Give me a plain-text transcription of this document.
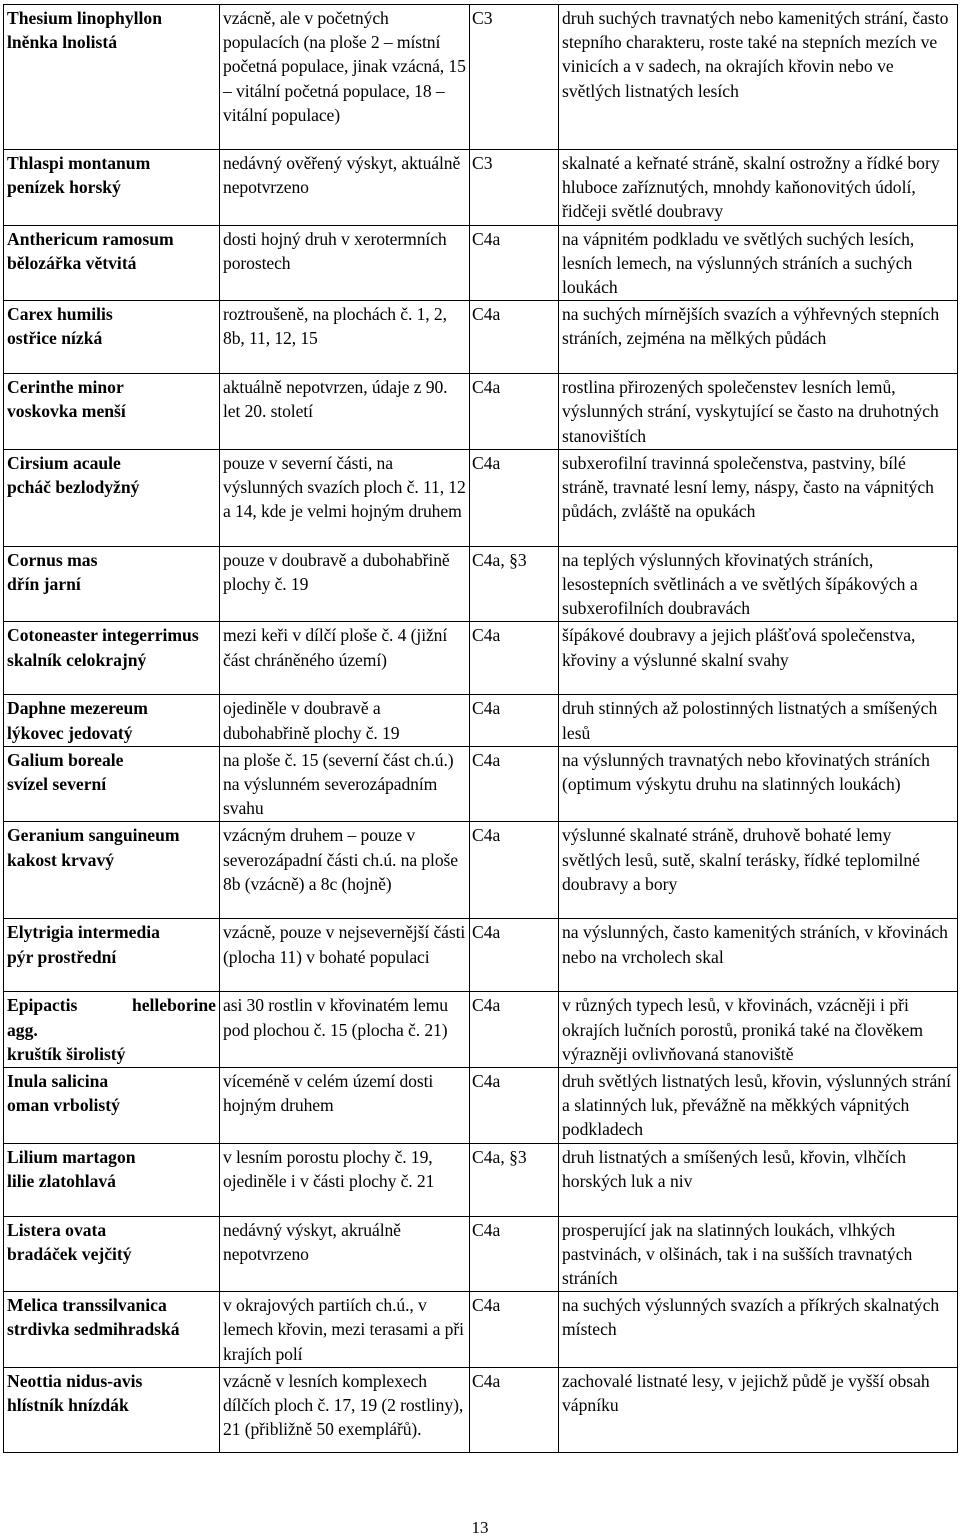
Thesium linophyllon
lněnka lnolistá	vzácně, ale v početných populacích (na ploše 2 – místní početná populace, jinak vzácná, 15 – vitální početná populace, 18 – vitální populace)	C3	druh suchých travnatých nebo kamenitých strání, často stepního charakteru, roste také na stepních mezích ve vinicích a v sadech, na okrajích křovin nebo ve světlých listnatých lesích

Thlaspi montanum
penízek horský	nedávný ověřený výskyt, aktuálně nepotvrzeno	C3	skalnaté a keřnaté stráně, skalní ostrožny a řídké bory hluboce zaříznutých, mnohdy kaňonovitých údolí, řidčeji světlé doubravy

Anthericum ramosum
bělozářka větvitá	dosti hojný druh v xerotermních porostech	C4a	na vápnitém podkladu ve světlých suchých lesích, lesních lemech, na výslunných stráních a suchých loukách

Carex humilis
ostřice nízká	roztroušeně, na plochách č. 1, 2, 8b, 11, 12, 15	C4a	na suchých mírnějších svazích a výhřevných stepních stráních, zejména na mělkých půdách

Cerinthe minor
voskovka menší	aktuálně nepotvrzen, údaje z 90. let 20. století	C4a	rostlina přirozených společenstev lesních lemů, výslunných strání, vyskytující se často na druhotných stanovištích

Cirsium acaule
pcháč bezlodyžný	pouze v severní části, na výslunných svazích ploch č. 11, 12 a 14, kde je velmi hojným druhem	C4a	subxerofilní travinná společenstva, pastviny, bílé stráně, travnaté lesní lemy, náspy, často na vápnitých půdách, zvláště na opukách

Cornus mas
dřín jarní	pouze v doubravě a dubohabřině plochy č. 19	C4a, §3	na teplých výslunných křovinatých stráních, lesostepních světlinách a ve světlých šípákových a subxerofilních doubravách

Cotoneaster integerrimus
skalník celokrajný	mezi keři v dílčí ploše č. 4 (jižní část chráněného území)	C4a	šípákové doubravy a jejich plášťová společenstva, křoviny a výslunné skalní svahy

Daphne mezereum
lýkovec jedovatý	ojediněle v doubravě a dubohabřině plochy č. 19	C4a	druh stinných až polostinných listnatých a smíšených lesů

Galium boreale
svízel severní	na ploše č. 15 (severní část ch.ú.) na výslunném severozápadním svahu	C4a	na výslunných travnatých nebo křovinatých stráních (optimum výskytu druhu na slatinných loukách)

Geranium sanguineum
kakost krvavý	vzácným druhem – pouze v severozápadní části ch.ú. na ploše 8b (vzácně) a 8c (hojně)	C4a	výslunné skalnaté stráně, druhově bohaté lemy světlých lesů, sutě, skalní terásky, řídké teplomilné doubravy a bory

Elytrigia intermedia
pýr prostřední	vzácně, pouze v nejsevernější části (plocha 11) v bohaté populaci	C4a	na výslunných, často kamenitých stráních, v křovinách nebo na vrcholech skal

Epipactis helleborine
agg.
kruštík širolistý	asi 30 rostlin v křovinatém lemu pod plochou č. 15 (plocha č. 21)	C4a	v různých typech lesů, v křovinách, vzácněji i při okrajích lučních porostů, proniká také na člověkem výrazněji ovlivňovaná stanoviště

Inula salicina
oman vrbolistý	víceméně v celém území dosti hojným druhem	C4a	druh světlých listnatých lesů, křovin, výslunných strání a slatinných luk, převážně na měkkých vápnitých podkladech

Lilium martagon
lilie zlatohlavá	v lesním porostu plochy č. 19, ojediněle i v části plochy č. 21	C4a, §3	druh listnatých a smíšených lesů, křovin, vlhčích horských luk a niv

Listera ovata
bradáček vejčitý	nedávný výskyt, akruálně nepotvrzeno	C4a	prosperující jak na slatinných loukách, vlhkých pastvinách, v olšinách, tak i na sušších travnatých stráních

Melica transsilvanica
strdivka sedmihradská	v okrajových partiích ch.ú., v lemech křovin, mezi terasami a při krajích polí	C4a	na suchých výslunných svazích a příkrých skalnatých místech

Neottia nidus-avis
hlístník hnízdák	vzácně v lesních komplexech dílčích ploch č. 17, 19 (2 rostliny), 21 (přibližně 50 exemplářů).	C4a	zachovalé listnaté lesy, v jejichž půdě je vyšší obsah vápníku
13
